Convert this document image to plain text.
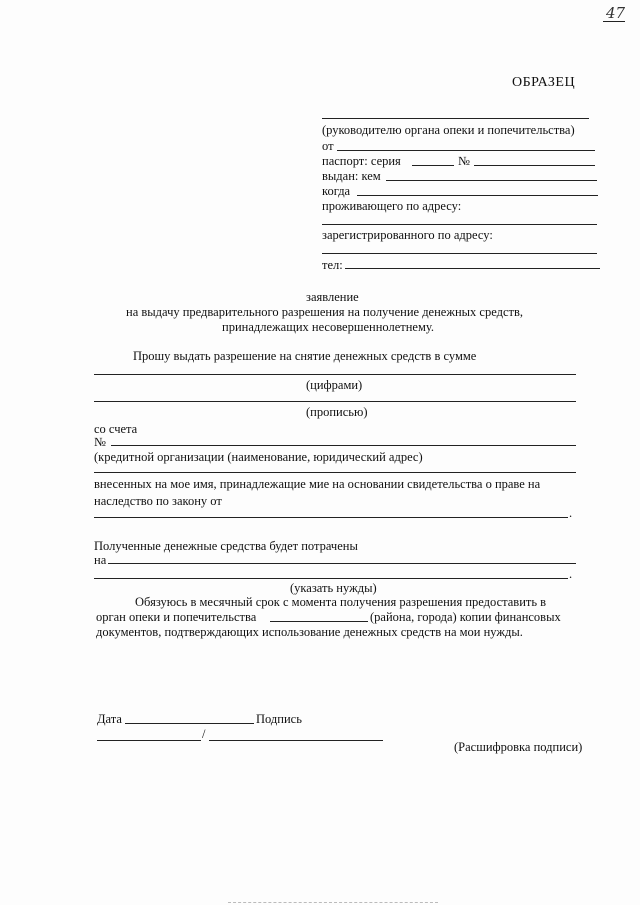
47
ОБРАЗЕЦ
(руководителю органа опеки и попечительства)
от
паспорт: серия	№
выдан: кем
когда
проживающего по адресу:
зарегистрированного по адресу:
тел:
заявление
на выдачу предварительного разрешения на получение денежных средств,
принадлежащих несовершеннолетнему.
Прошу выдать разрешение на снятие денежных средств в сумме
(цифрами)
(прописью)
со счета
№
(кредитной организации (наименование, юридический адрес)
внесенных на мое имя, принадлежащие мие на основании свидетельства о праве на
наследство по закону от
.
Полученные денежные средства будет потрачены
на
.
(указать нужды)
Обязуюсь в месячный срок с момента получения разрешения предоставить в
орган опеки и попечительства	(района, города) копии финансовых
документов, подтверждающих использование денежных средств на мои нужды.
Дата	Подпись
/
(Расшифровка подписи)
